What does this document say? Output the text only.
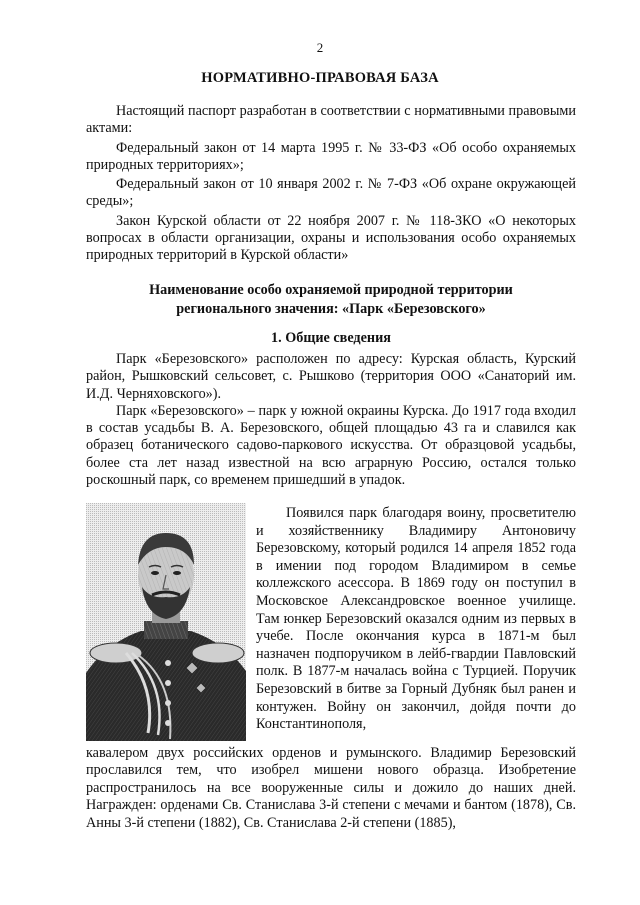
2
НОРМАТИВНО-ПРАВОВАЯ БАЗА

Настоящий паспорт разработан в соответствии с нормативными правовыми актами:

Федеральный закон от 14 марта 1995 г. № 33-ФЗ «Об особо охраняемых природных территориях»;

Федеральный закон от 10 января 2002 г. № 7-ФЗ «Об охране окружающей среды»;

Закон Курской области от 22 ноября 2007 г. № 118-ЗКО «О некоторых вопросах в области организации, охраны и использования особо охраняемых природных территорий в Курской области»

Наименование особо охраняемой природной территории
регионального значения: «Парк «Березовского»
1. Общие сведения

Парк «Березовского» расположен по адресу: Курская область, Курский район, Рышковский сельсовет, с. Рышково (территория ООО «Санаторий им. И.Д. Черняховского»).

Парк «Березовского» – парк у южной окраины Курска. До 1917 года входил в состав усадьбы В. А. Березовского, общей площадью 43 га и славился как образец ботанического садово-паркового искусства. От образцовой усадьбы, более ста лет назад известной на всю аграрную Россию, остался только роскошный парк, со временем пришедший в упадок.

Появился парк благодаря воину, просветителю и хозяйственнику Владимиру Антоновичу Березовскому, который родился 14 апреля 1852 года в имении под городом Владимиром в семье коллежского асессора. В 1869 году он поступил в Московское Александровское военное училище. Там юнкер Березовский оказался одним из первых в учебе. После окончания курса в 1871-м был назначен подпоручиком в лейб-гвардии Павловский полк. В 1877-м началась война с Турцией. Поручик Березовский в битве за Горный Дубняк был ранен и контужен. Войну он закончил, дойдя почти до Константинополя,

кавалером двух российских орденов и румынского. Владимир Березовский прославился тем, что изобрел мишени нового образца. Изобретение распространилось на все вооруженные силы и дожило до наших дней. Награжден: орденами Св. Станислава 3-й степени с мечами и бантом (1878), Св. Анны 3-й степени (1882), Св. Станислава 2-й степени (1885),
